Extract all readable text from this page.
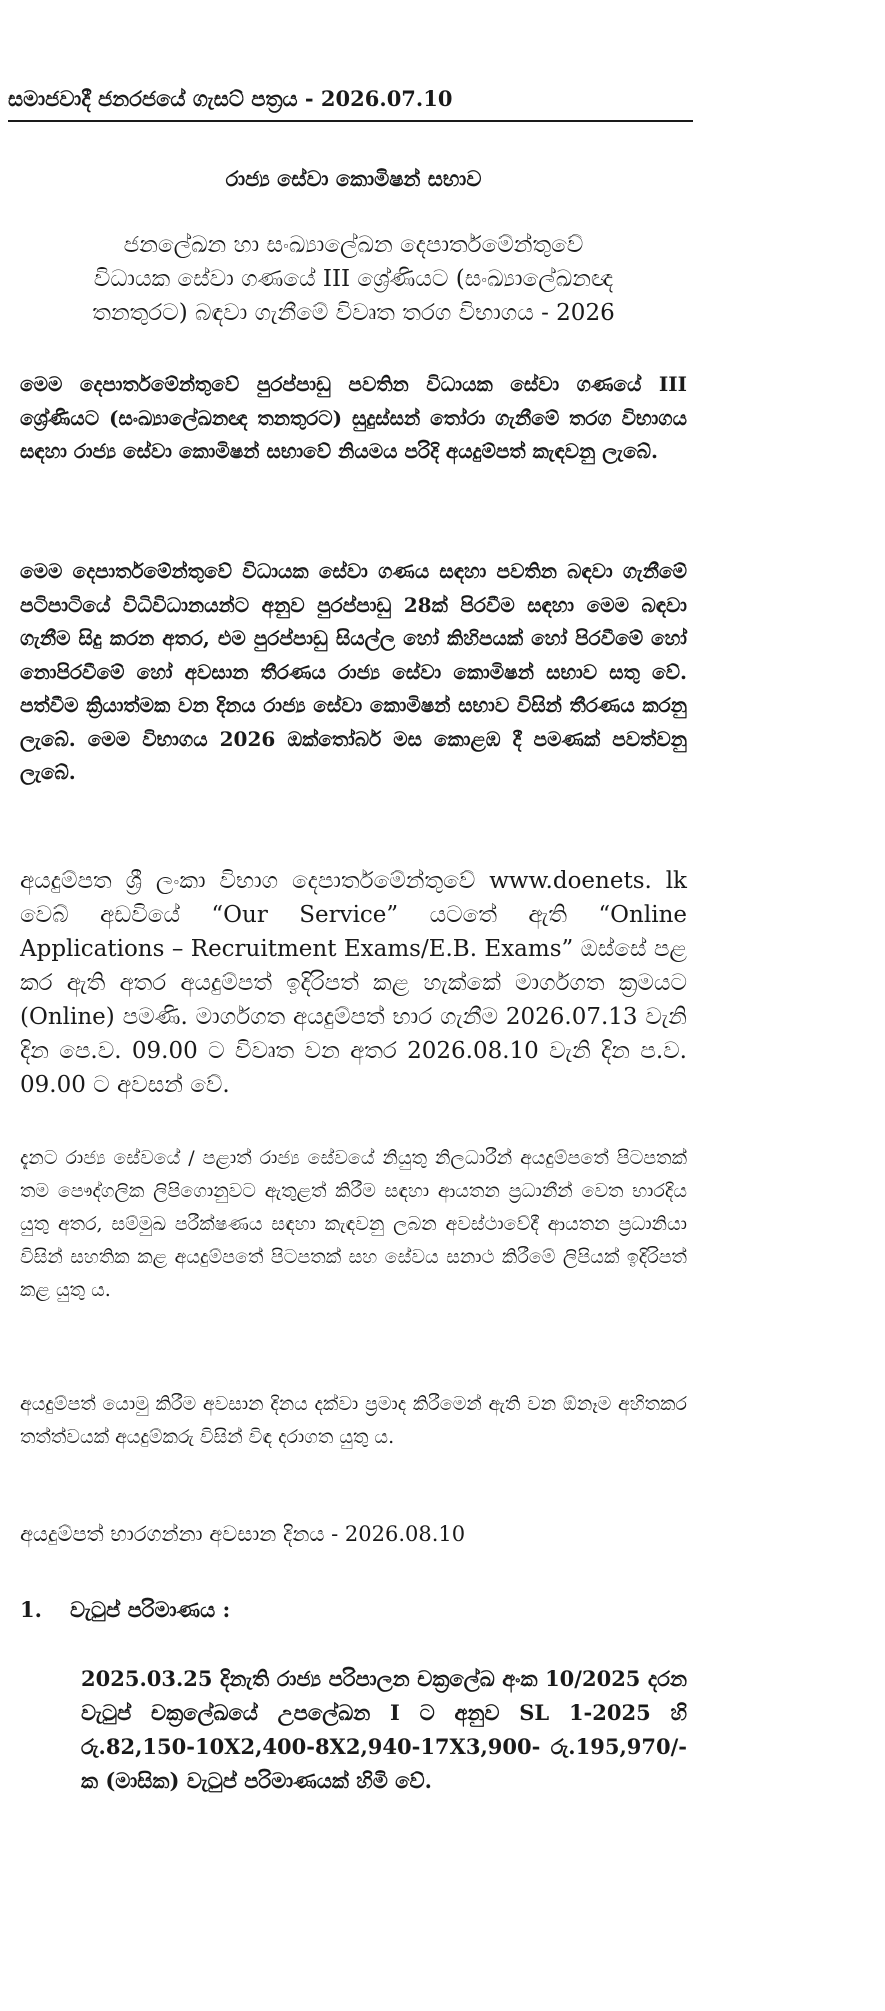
සමාජවාදී ජනරජයේ ගැසට් පත්‍රය - 2026.07.10
රාජ්‍ය සේවා කොමිෂන් සභාව
ජනලේඛන හා සංඛ්‍යාලේඛන දෙපාර්තමේන්තුවේ
විධායක සේවා ගණයේ III ශ්‍රේණියට (සංඛ්‍යාලේඛනඥ
තනතුරට) බඳවා ගැනීමේ විවෘත තරග විභාගය - 2026
මෙම දෙපාර්තමේන්තුවේ පුරප්පාඩු පවතින විධායක සේවා ගණයේ III ශ්‍රේණියට (සංඛ්‍යාලේඛනඥ තනතුරට) සුදුස්සන් තෝරා ගැනීමේ තරග විභාගය සඳහා රාජ්‍ය සේවා කොමිෂන් සභාවේ නියමය පරිදි අයදුම්පත් කැඳවනු ලැබේ.
මෙම දෙපාර්තමේන්තුවේ විධායක සේවා ගණය සඳහා පවතින බඳවා ගැනීමේ පටිපාටියේ විධිවිධානයන්ට අනුව පුරප්පාඩු 28ක් පිරවීම සඳහා මෙම බඳවා ගැනීම සිදු කරන අතර, එම පුරප්පාඩු සියල්ල හෝ කිහිපයක් හෝ පිරවීමේ හෝ නොපිරවීමේ හෝ අවසාන තීරණය රාජ්‍ය සේවා කොමිෂන් සභාව සතු වේ. පත්වීම ක්‍රියාත්මක වන දිනය රාජ්‍ය සේවා කොමිෂන් සභාව විසින් තීරණය කරනු ලැබේ. මෙම විභාගය 2026 ඔක්තෝබර් මස කොළඹ දී පමණක් පවත්වනු ලැබේ.
අයදුම්පත ශ්‍රී ලංකා විභාග දෙපාර්තමේන්තුවේ www.doenets. lk වෙබ් අඩවියේ “Our Service” යටතේ ඇති “Online Applications – Recruitment Exams/E.B. Exams” ඔස්සේ පළ කර ඇති අතර අයදුම්පත් ඉදිරිපත් කළ හැක්කේ මාර්ගගත ක්‍රමයට (Online) පමණි. මාර්ගගත අයදුම්පත් භාර ගැනීම 2026.07.13 වැනි දින පෙ.ව. 09.00 ට විවෘත වන අතර 2026.08.10 වැනි දින ප.ව. 09.00 ට අවසන් වේ.
දැනට රාජ්‍ය සේවයේ / පළාත් රාජ්‍ය සේවයේ නියුතු නිලධාරීන් අයදුම්පතේ පිටපතක් තම පෞද්ගලික ලිපිගොනුවට ඇතුළත් කිරීම සඳහා ආයතන ප්‍රධානීන් වෙත භාරදිය යුතු අතර, සම්මුඛ පරීක්ෂණය සඳහා කැඳවනු ලබන අවස්ථාවේදී ආයතන ප්‍රධානියා විසින් සහතික කළ අයදුම්පතේ පිටපතක් සහ සේවය සනාථ කිරීමේ ලිපියක් ඉදිරිපත් කළ යුතු ය.
අයදුම්පත් යොමු කිරීම අවසාන දිනය දක්වා ප්‍රමාද කිරීමෙන් ඇති වන ඕනෑම අහිතකර තත්ත්වයක් අයදුම්කරු විසින් විඳ දරාගත යුතු ය.
අයදුම්පත් භාරගන්නා අවසාන දිනය - 2026.08.10
1. වැටුප් පරිමාණය :
2025.03.25 දිනැති රාජ්‍ය පරිපාලන චක්‍රලේඛ අංක 10/2025 දරන වැටුප් චක්‍රලේඛයේ උපලේඛන I ට අනුව SL 1-2025 හි රු.82,150-10X2,400-8X2,940-17X3,900- රු.195,970/-ක (මාසික) වැටුප් පරිමාණයක් හිමි වේ.
